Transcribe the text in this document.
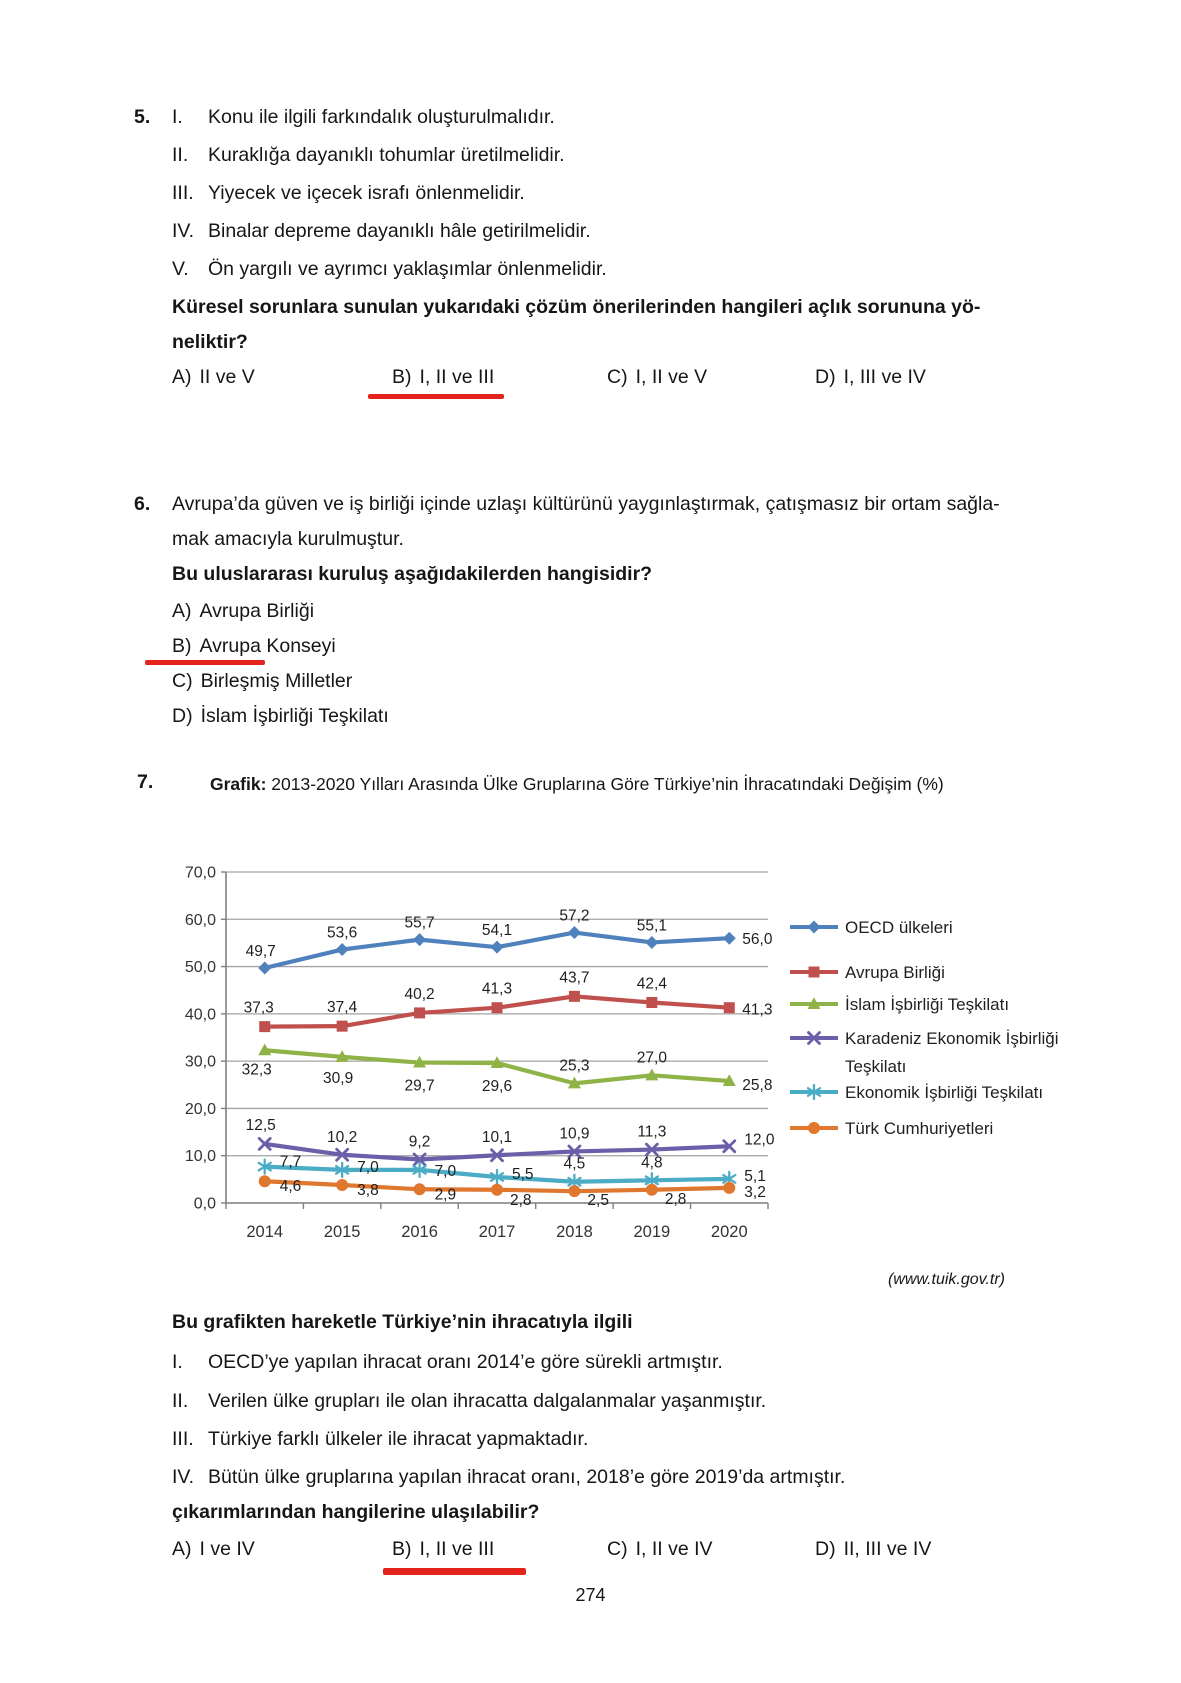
5. I. Konu ile ilgili farkındalık oluşturulmalıdır.
II. Kuraklığa dayanıklı tohumlar üretilmelidir.
III. Yiyecek ve içecek israfı önlenmelidir.
IV. Binalar depreme dayanıklı hâle getirilmelidir.
V. Ön yargılı ve ayrımcı yaklaşımlar önlenmelidir.
Küresel sorunlara sunulan yukarıdaki çözüm önerilerinden hangileri açlık sorununa yö-
neliktir?
A) II ve V	B) I, II ve III	C) I, II ve V	D) I, III ve IV
6. Avrupa’da güven ve iş birliği içinde uzlaşı kültürünü yaygınlaştırmak, çatışmasız bir ortam sağla-
mak amacıyla kurulmuştur.
Bu uluslararası kuruluş aşağıdakilerden hangisidir?
A) Avrupa Birliği
B) Avrupa Konseyi
C) Birleşmiş Milletler
D) İslam İşbirliği Teşkilatı
7.	Grafik: 2013-2020 Yılları Arasında Ülke Gruplarına Göre Türkiye’nin İhracatındaki Değişim (%)
0,0
10,0
20,0
30,0
40,0
50,0
60,0
70,0
2014 2015 2016 2017 2018 2019 2020
49,7
53,6
55,7	54,1
57,2
55,1
56,0
37,3	37,4
40,2	41,3
43,7	42,4
41,3
32,3
30,9	29,7	29,6
25,3	27,0
25,8
12,5
10,2	9,2	10,1	10,9	11,3	12,0
7,7	7,0	7,0	5,5
4,5	4,8
5,1
4,6	3,8	2,9	2,8	2,5	2,8	3,2
OECD ülkeleri
Avrupa Birliği
İslam İşbirliği Teşkilatı
Karadeniz Ekonomik İşbirliği
Teşkilatı
Ekonomik İşbirliği Teşkilatı
Türk Cumhuriyetleri
(www.tuik.gov.tr)
Bu grafikten hareketle Türkiye’nin ihracatıyla ilgili
I. OECD’ye yapılan ihracat oranı 2014’e göre sürekli artmıştır.
II. Verilen ülke grupları ile olan ihracatta dalgalanmalar yaşanmıştır.
III. Türkiye farklı ülkeler ile ihracat yapmaktadır.
IV. Bütün ülke gruplarına yapılan ihracat oranı, 2018’e göre 2019’da artmıştır.
çıkarımlarından hangilerine ulaşılabilir?
A) I ve IV	B) I, II ve III	C) I, II ve IV	D) II, III ve IV
274
